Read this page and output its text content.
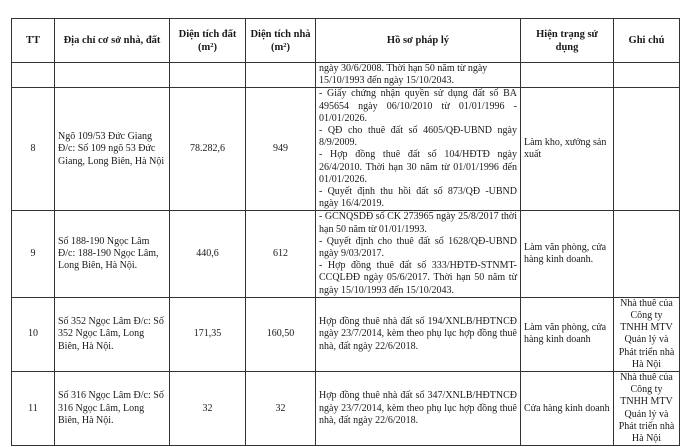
TT	Địa chỉ cơ sở nhà, đất	Diện tích đất (m²)	Diện tích nhà (m²)	Hồ sơ pháp lý	Hiện trạng sử dụng	Ghi chú

				ngày 30/6/2008. Thời hạn 50 năm từ ngày
15/10/1993 đến ngày 15/10/2043.		

8	Ngõ 109/53 Đức Giang Đ/c: Số 109 ngõ 53 Đức Giang, Long Biên, Hà Nội	78.282,6	949	- Giấy chứng nhận quyền sử dụng đất số BA 495654 ngày 06/10/2010 từ 01/01/1996 - 01/01/2026.
- QĐ cho thuê đất số 4605/QĐ-UBND ngày 8/9/2009.
- Hợp đồng thuê đất số 104/HĐTĐ ngày 26/4/2010. Thời hạn 30 năm từ 01/01/1996 đến 01/01/2026.
- Quyết định thu hồi đất số 873/QĐ -UBND ngày 16/4/2019.	Làm kho, xưởng sản xuất	
9	Số 188-190 Ngọc Lâm Đ/c: 188-190 Ngọc Lâm, Long Biên, Hà Nội.	440,6	612	- GCNQSDĐ số CK 273965 ngày 25/8/2017 thời hạn 50 năm từ 01/01/1993.
- Quyết định cho thuê đất số 1628/QĐ-UBND ngày 9/03/2017.
- Hợp đồng thuê đất số 333/HĐTĐ-STNMT-CCQLĐĐ ngày 05/6/2017. Thời hạn 50 năm từ ngày 15/10/1993 đến 15/10/2043.	Làm văn phòng, cửa hàng kinh doanh.	
10	Số 352 Ngọc Lâm Đ/c: Số 352 Ngọc Lâm, Long Biên, Hà Nội.	171,35	160,50	Hợp đồng thuê nhà đất số 194/XNLB/HĐTNCĐ ngày 23/7/2014, kèm theo phụ lục hợp đồng thuê nhà, đất ngày 22/6/2018.	Làm văn phòng, cửa hàng kinh doanh	Nhà thuê của Công ty TNHH MTV Quản lý và Phát triển nhà Hà Nội
11	Số 316 Ngọc Lâm Đ/c: Số 316 Ngọc Lâm, Long Biên, Hà Nội.	32	32	Hợp đồng thuê nhà đất số 347/XNLB/HĐTNCĐ ngày 23/7/2014, kèm theo phụ lục hợp đồng thuê nhà, đất ngày 22/6/2018.	Cửa hàng kinh doanh	Nhà thuê của Công ty TNHH MTV Quản lý và Phát triển nhà Hà Nội
